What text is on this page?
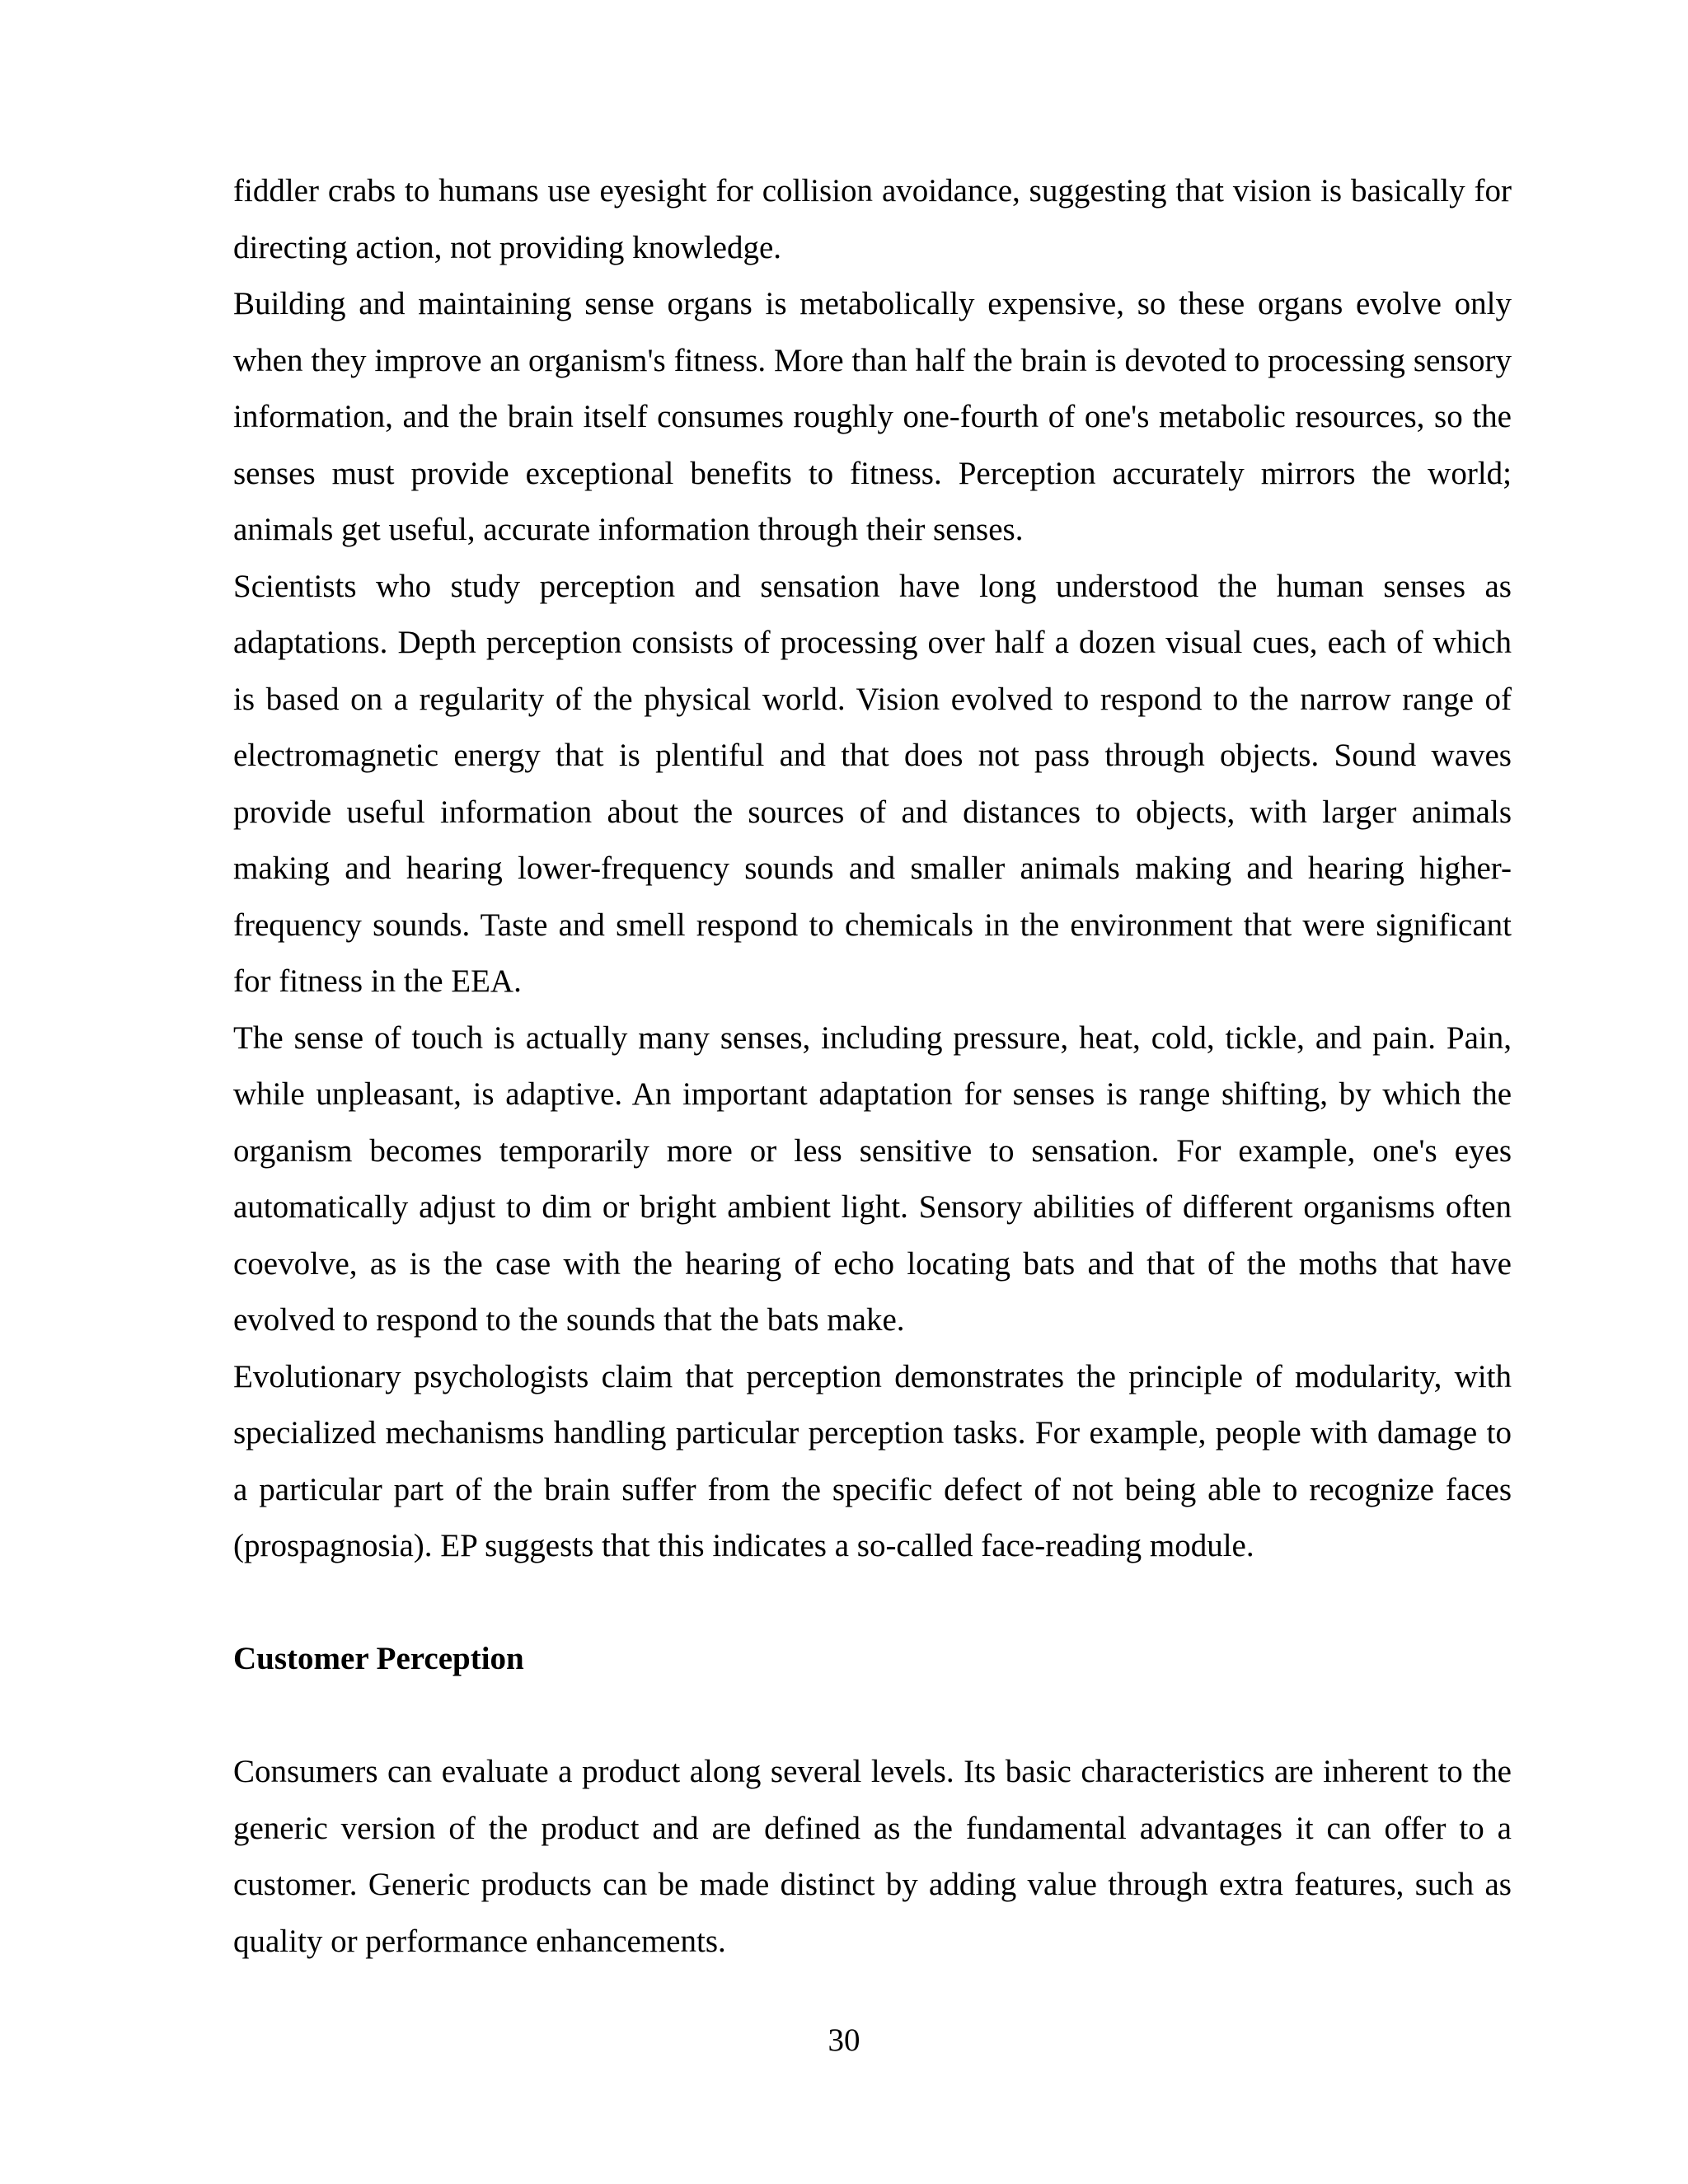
fiddler crabs to humans use eyesight for collision avoidance, suggesting that vision is basically for directing action, not providing knowledge.

Building and maintaining sense organs is metabolically expensive, so these organs evolve only when they improve an organism's fitness. More than half the brain is devoted to processing sensory information, and the brain itself consumes roughly one-fourth of one's metabolic resources, so the senses must provide exceptional benefits to fitness. Perception accurately mirrors the world; animals get useful, accurate information through their senses.

Scientists who study perception and sensation have long understood the human senses as adaptations. Depth perception consists of processing over half a dozen visual cues, each of which is based on a regularity of the physical world. Vision evolved to respond to the narrow range of electromagnetic energy that is plentiful and that does not pass through objects. Sound waves provide useful information about the sources of and distances to objects, with larger animals making and hearing lower-frequency sounds and smaller animals making and hearing higher-frequency sounds. Taste and smell respond to chemicals in the environment that were significant for fitness in the EEA.

The sense of touch is actually many senses, including pressure, heat, cold, tickle, and pain. Pain, while unpleasant, is adaptive. An important adaptation for senses is range shifting, by which the organism becomes temporarily more or less sensitive to sensation. For example, one's eyes automatically adjust to dim or bright ambient light. Sensory abilities of different organisms often coevolve, as is the case with the hearing of echo locating bats and that of the moths that have evolved to respond to the sounds that the bats make.

Evolutionary psychologists claim that perception demonstrates the principle of modularity, with specialized mechanisms handling particular perception tasks. For example, people with damage to a particular part of the brain suffer from the specific defect of not being able to recognize faces (prospagnosia). EP suggests that this indicates a so-called face-reading module.

Customer Perception

Consumers can evaluate a product along several levels. Its basic characteristics are inherent to the generic version of the product and are defined as the fundamental advantages it can offer to a customer. Generic products can be made distinct by adding value through extra features, such as quality or performance enhancements.

30
